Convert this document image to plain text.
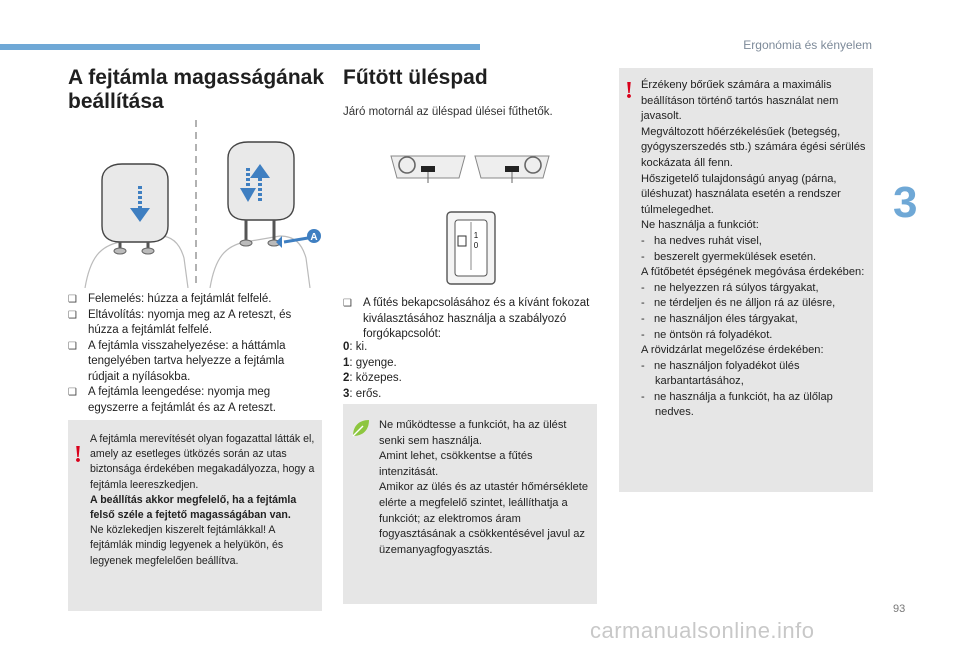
Ergonómia és kényelem
3
A fejtámla magasságának beállítása
A
❑ Felemelés: húzza a fejtámlát felfelé.
❑ Eltávolítás: nyomja meg az A reteszt, és húzza a fejtámlát felfelé.
❑ A fejtámla visszahelyezése: a háttámla tengelyében tartva helyezze a fejtámla rúdjait a nyílásokba.
❑ A fejtámla leengedése: nyomja meg egyszerre a fejtámlát és az A reteszt.
!
A fejtámla merevítését olyan fogazattal látták el, amely az esetleges ütközés során az utas biztonsága érdekében megakadályozza, hogy a fejtámla leereszkedjen.
A beállítás akkor megfelelő, ha a fejtámla felső széle a fejtető magasságában van.
Ne közlekedjen kiszerelt fejtámlákkal! A fejtámlák mindig legyenek a helyükön, és legyenek megfelelően beállítva.
Fűtött üléspad
Járó motornál az üléspad ülései fűthetők.
1
0
❑ A fűtés bekapcsolásához és a kívánt fokozat kiválasztásához használja a szabályozó forgókapcsolót:
0: ki.
1: gyenge.
2: közepes.
3: erős.
Ne működtesse a funkciót, ha az ülést senki sem használja.
Amint lehet, csökkentse a fűtés intenzitását.
Amikor az ülés és az utastér hőmérséklete elérte a megfelelő szintet, leállíthatja a funkciót; az elektromos áram fogyasztásának a csökkentésével javul az üzemanyagfogyasztás.
! Érzékeny bőrűek számára a maximális beállításon történő tartós használat nem javasolt.
Megváltozott hőérzékelésűek (betegség, gyógyszerszedés stb.) számára égési sérülés kockázata áll fenn.
Hőszigetelő tulajdonságú anyag (párna, üléshuzat) használata esetén a rendszer túlmelegedhet.
Ne használja a funkciót:
-   ha nedves ruhát visel,
-   beszerelt gyermekülések esetén.
A fűtőbetét épségének megóvása érdekében:
-   ne helyezzen rá súlyos tárgyakat,
-   ne térdeljen és ne álljon rá az ülésre,
-   ne használjon éles tárgyakat,
-   ne öntsön rá folyadékot.
A rövidzárlat megelőzése érdekében:
-   ne használjon folyadékot ülés karbantartásához,
-   ne használja a funkciót, ha az ülőlap nedves.
93
carmanualsonline.info
